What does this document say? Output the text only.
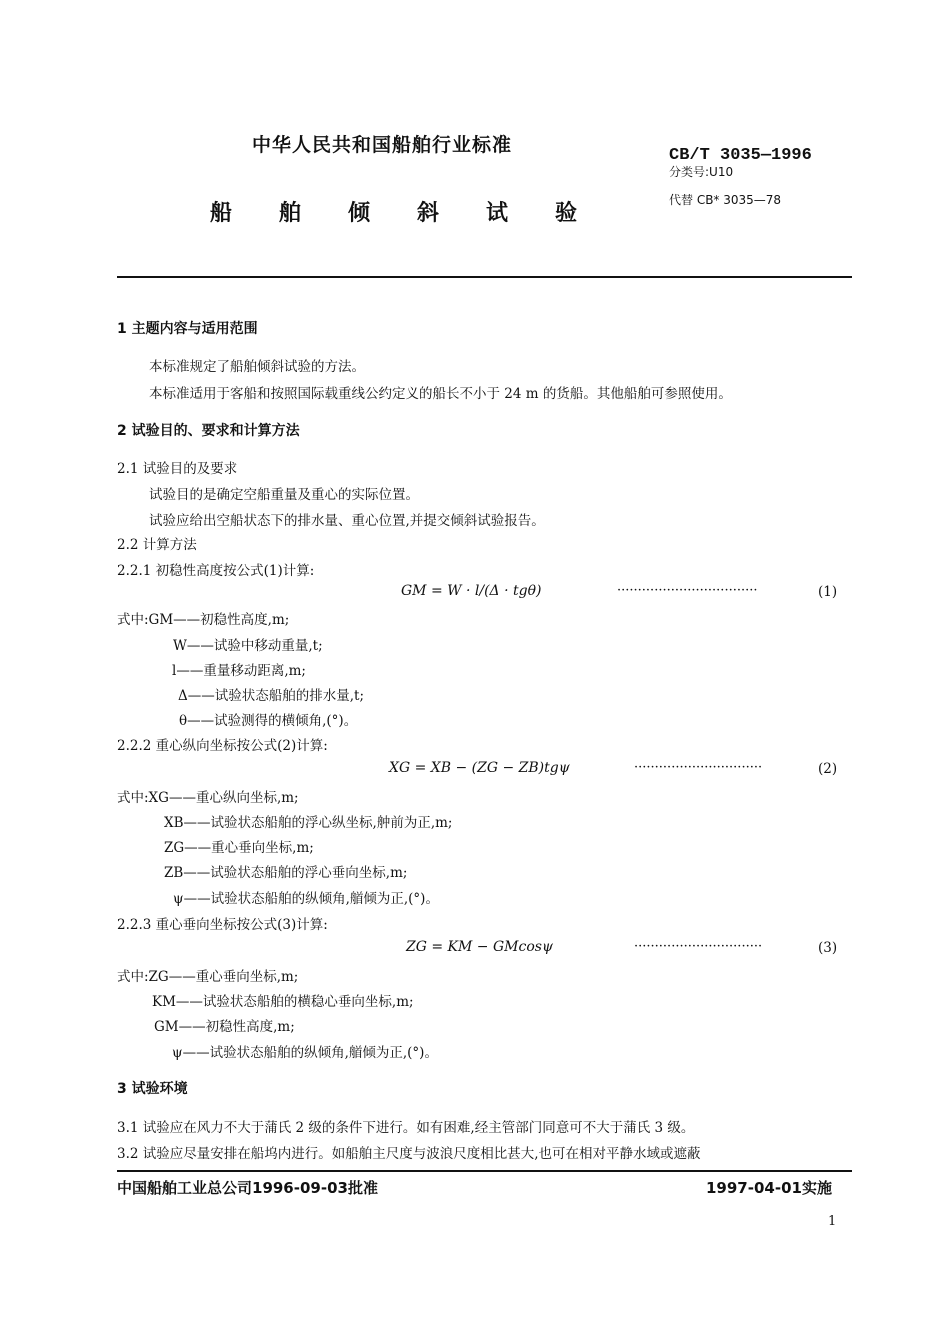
中华人民共和国船舶行业标准
船 舶 倾 斜 试 验
CB/T 3035—1996
分类号:U10
代替 CB* 3035—78
1 主题内容与适用范围
本标准规定了船舶倾斜试验的方法。
本标准适用于客船和按照国际载重线公约定义的船长不小于 24 m 的货船。其他船舶可参照使用。
2 试验目的、要求和计算方法
2.1 试验目的及要求
试验目的是确定空船重量及重心的实际位置。
试验应给出空船状态下的排水量、重心位置,并提交倾斜试验报告。
2.2 计算方法
2.2.1 初稳性高度按公式(1)计算:
GM = W · l/(Δ · tgθ)	··································	(1)
式中:GM——初稳性高度,m;
W——试验中移动重量,t;
l——重量移动距离,m;
Δ——试验状态船舶的排水量,t;
θ——试验测得的横倾角,(°)。
2.2.2 重心纵向坐标按公式(2)计算:
XG = XB − (ZG − ZB)tgψ	·······························	(2)
式中:XG——重心纵向坐标,m;
XB——试验状态船舶的浮心纵坐标,舯前为正,m;
ZG——重心垂向坐标,m;
ZB——试验状态船舶的浮心垂向坐标,m;
ψ——试验状态船舶的纵倾角,艏倾为正,(°)。
2.2.3 重心垂向坐标按公式(3)计算:
ZG = KM − GMcosψ	·······························	(3)
式中:ZG——重心垂向坐标,m;
KM——试验状态船舶的横稳心垂向坐标,m;
GM——初稳性高度,m;
ψ——试验状态船舶的纵倾角,艏倾为正,(°)。
3 试验环境
3.1 试验应在风力不大于蒲氏 2 级的条件下进行。如有困难,经主管部门同意可不大于蒲氏 3 级。
3.2 试验应尽量安排在船坞内进行。如船舶主尺度与波浪尺度相比甚大,也可在相对平静水域或遮蔽
中国船舶工业总公司1996-09-03批准	1997-04-01实施
1
